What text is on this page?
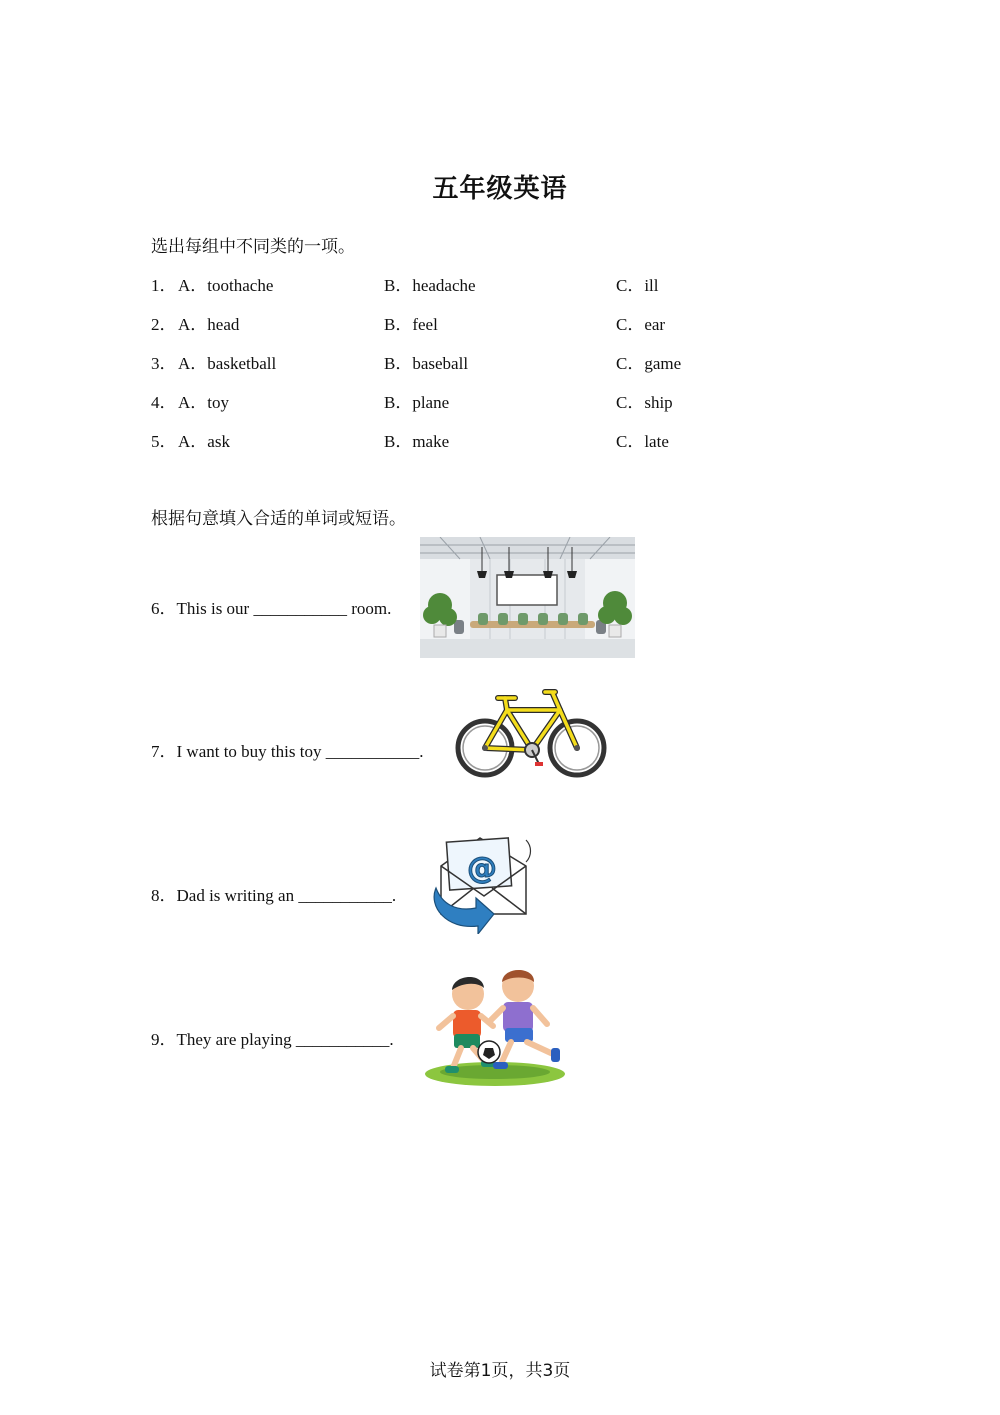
五年级英语
选出每组中不同类的一项。
1． A．toothache	B．headache	C．ill
2． A．head	B．feel	C．ear
3． A．basketball	B．baseball	C．game
4． A．toy	B．plane	C．ship
5． A．ask	B．make	C．late
根据句意填入合适的单词或短语。
6．This is our ___________ room.
7．I want to buy this toy ___________.
8．Dad is writing an ___________.
@
9．They are playing ___________.
试卷第1页，共3页
